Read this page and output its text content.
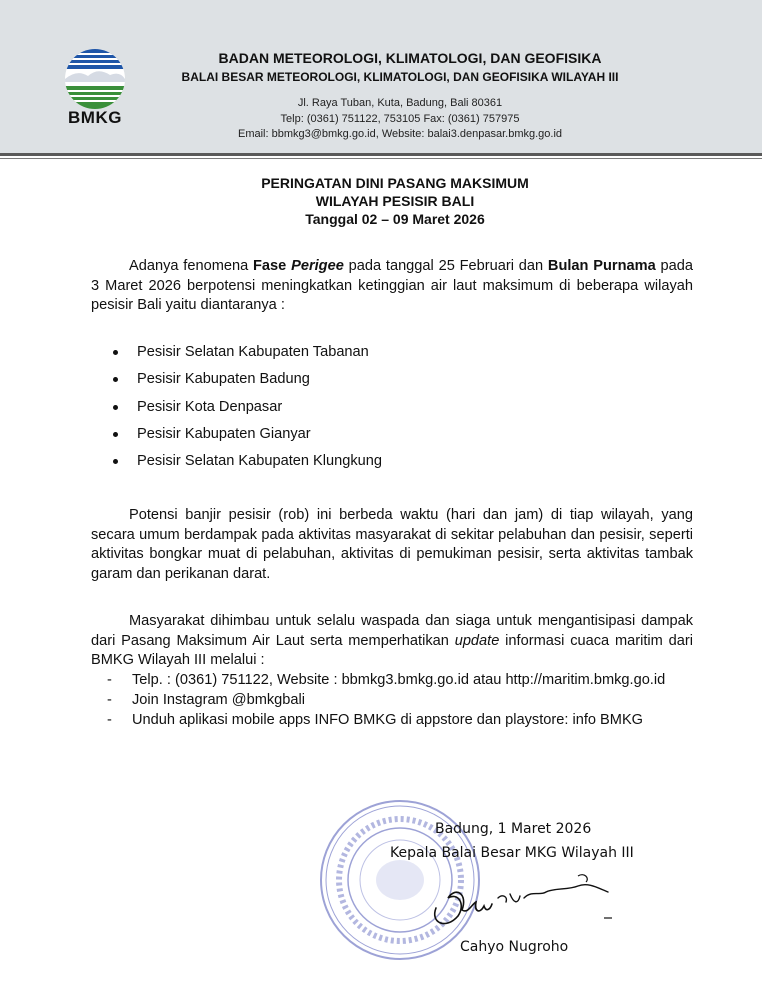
BMKG
BADAN METEOROLOGI, KLIMATOLOGI, DAN GEOFISIKA
BALAI BESAR METEOROLOGI, KLIMATOLOGI, DAN GEOFISIKA WILAYAH III
Jl. Raya Tuban, Kuta, Badung, Bali 80361
Telp: (0361) 751122, 753105 Fax: (0361) 757975
Email: bbmkg3@bmkg.go.id, Website: balai3.denpasar.bmkg.go.id
PERINGATAN DINI PASANG MAKSIMUM
WILAYAH PESISIR BALI
Tanggal 02 – 09 Maret 2026
Adanya fenomena Fase Perigee pada tanggal 25 Februari dan Bulan Purnama pada 3 Maret 2026 berpotensi meningkatkan ketinggian air laut maksimum di beberapa wilayah pesisir Bali yaitu diantaranya :
Pesisir Selatan Kabupaten Tabanan
Pesisir Kabupaten Badung
Pesisir Kota Denpasar
Pesisir Kabupaten Gianyar
Pesisir Selatan Kabupaten Klungkung
Potensi banjir pesisir (rob) ini berbeda waktu (hari dan jam) di tiap wilayah, yang secara umum berdampak pada aktivitas masyarakat di sekitar pelabuhan dan pesisir, seperti aktivitas bongkar muat di pelabuhan, aktivitas di pemukiman pesisir, serta aktivitas tambak garam dan perikanan darat.
Masyarakat dihimbau untuk selalu waspada dan siaga untuk mengantisipasi dampak dari Pasang Maksimum Air Laut serta memperhatikan update informasi cuaca maritim dari BMKG Wilayah III melalui :
- Telp. : (0361) 751122, Website : bbmkg3.bmkg.go.id atau http://maritim.bmkg.go.id
- Join Instagram @bmkgbali
- Unduh aplikasi mobile apps INFO BMKG di appstore dan playstore: info BMKG
Badung, 1 Maret 2026
Kepala Balai Besar MKG Wilayah III
Cahyo Nugroho
